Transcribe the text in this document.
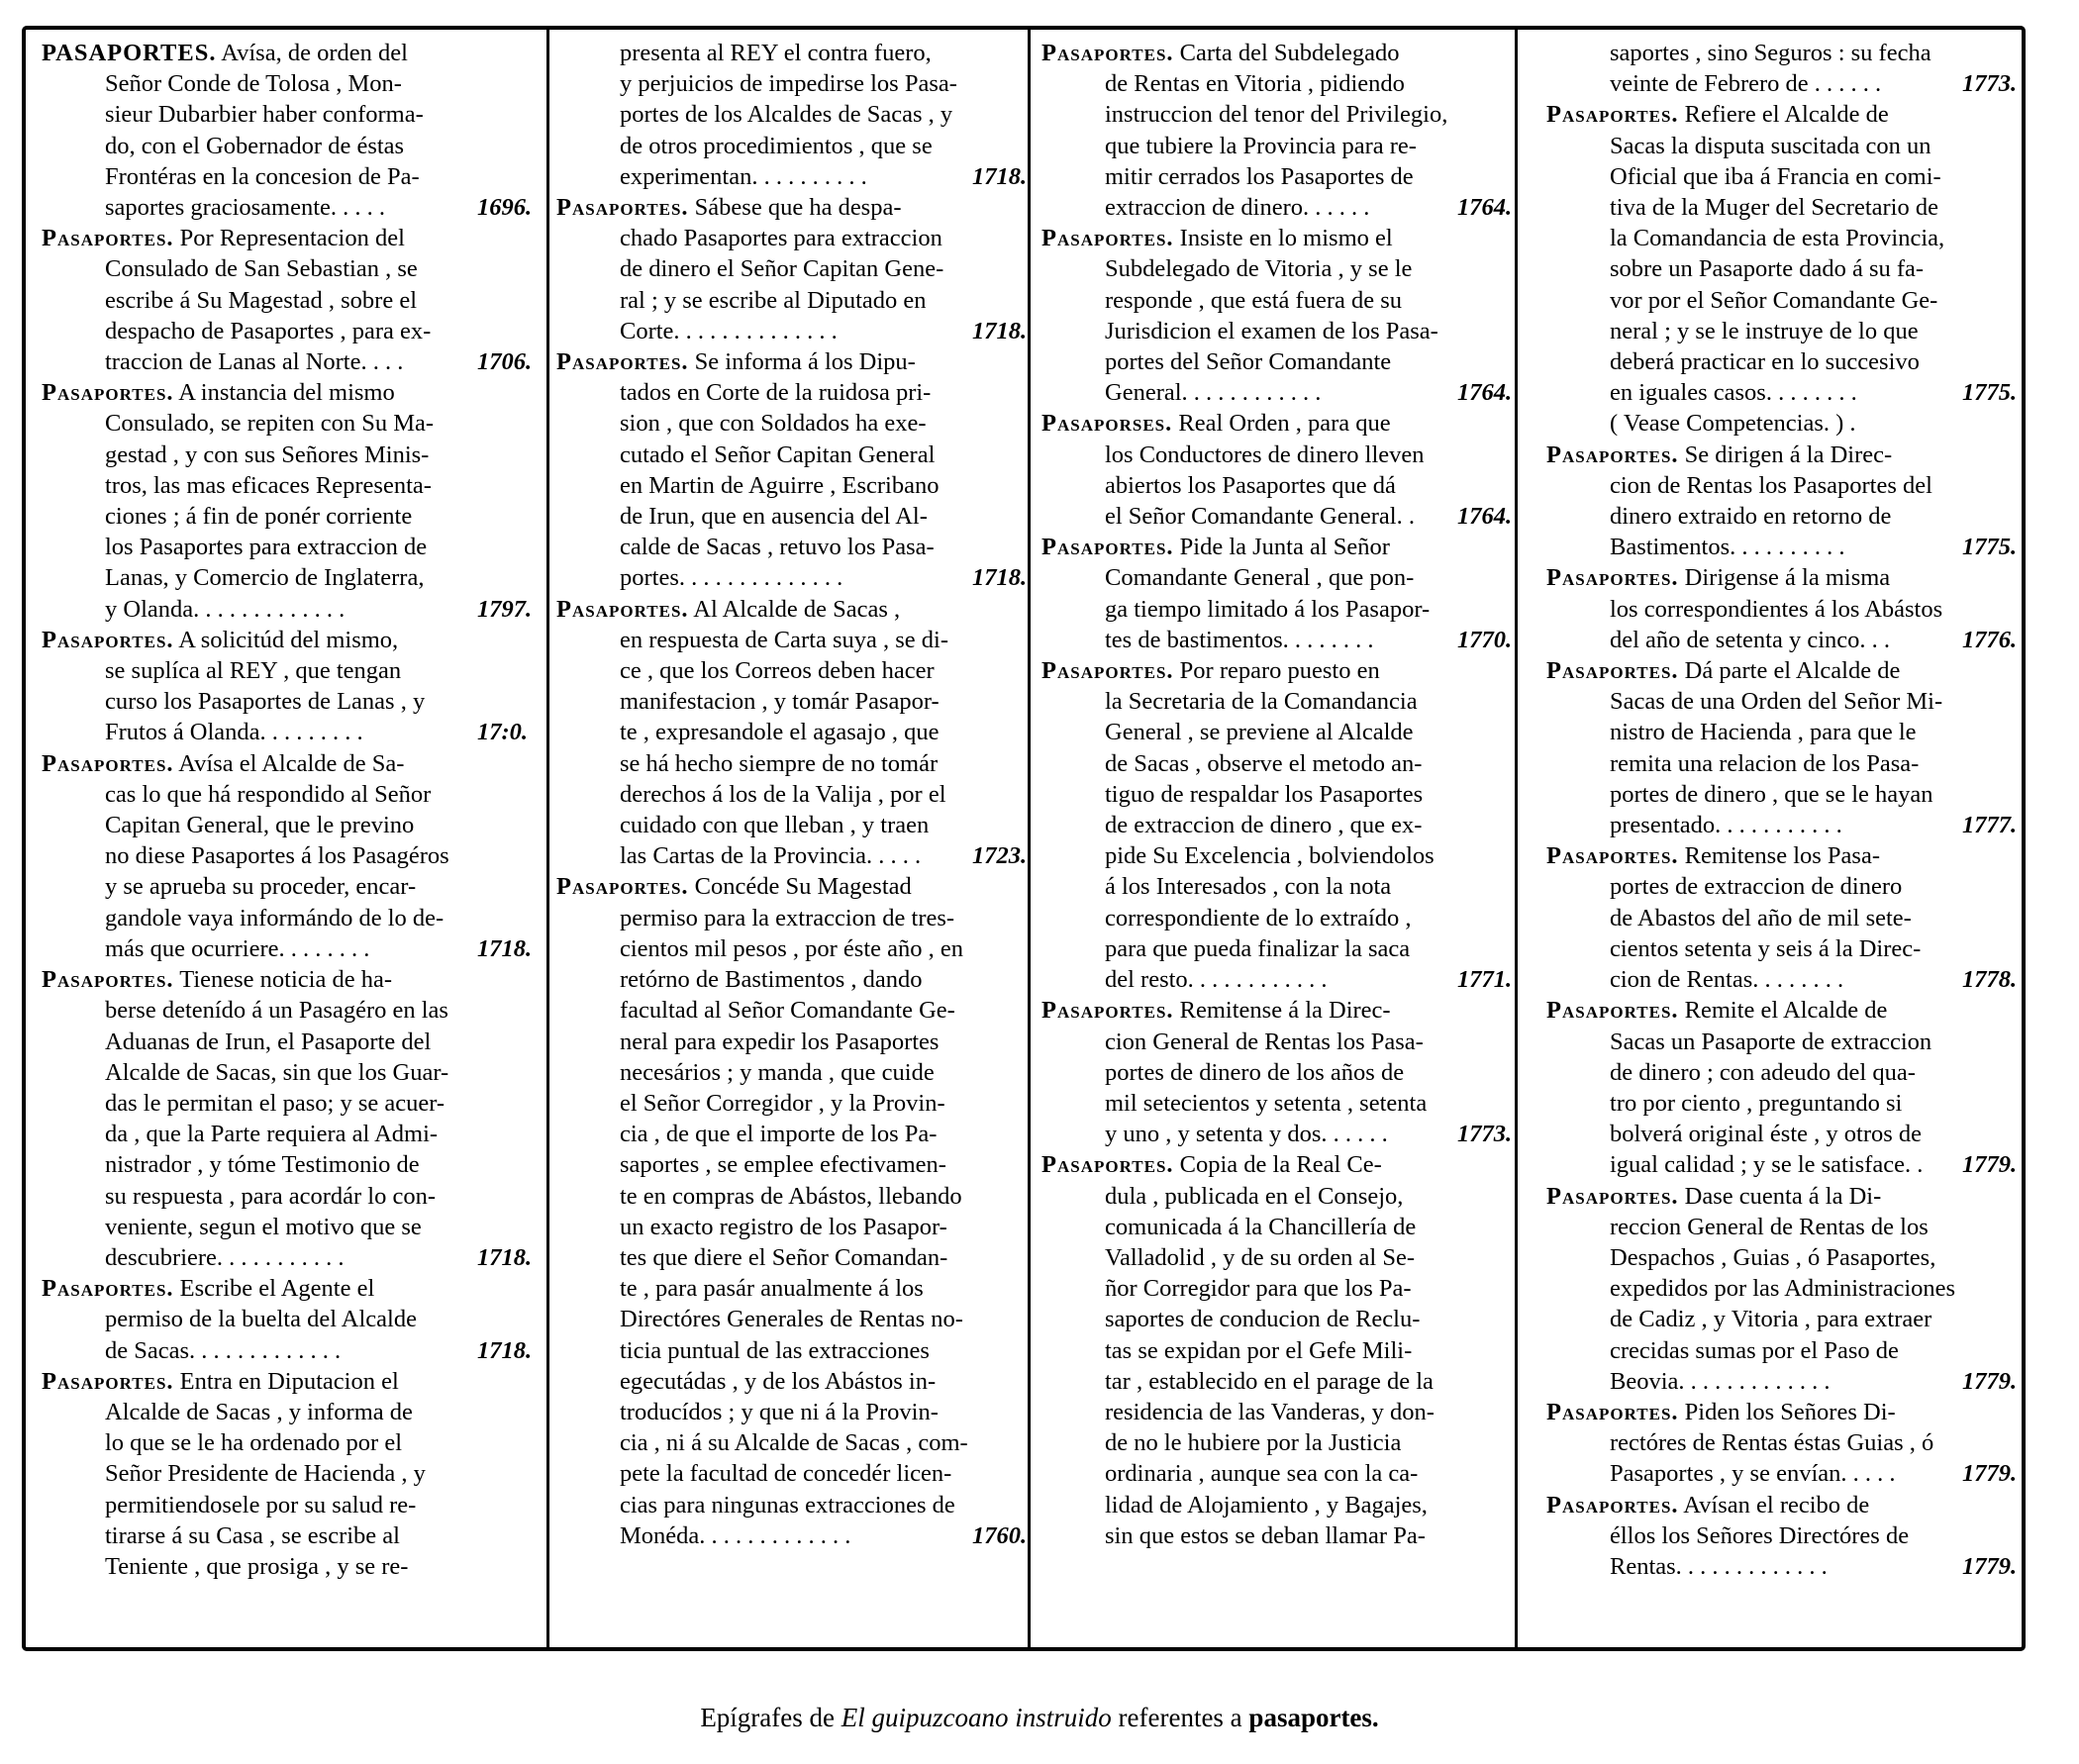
PASAPORTES. Avísa, de orden del
Señor Conde de Tolosa , Mon-
sieur Dubarbier haber conforma-
do, con el Gobernador de éstas
Frontéras en la concesion de Pa-
saportes graciosamente. . . . .	1696.
Pasaportes. Por Representacion del
Consulado de San Sebastian , se
escribe á Su Magestad , sobre el
despacho de Pasaportes , para ex-
traccion de Lanas al Norte. . . .	1706.
Pasaportes. A instancia del mismo
Consulado, se repiten con Su Ma-
gestad , y con sus Señores Minis-
tros, las mas eficaces Representa-
ciones ; á fin de ponér corriente
los Pasaportes para extraccion de
Lanas, y Comercio de Inglaterra,
y Olanda. . . . . . . . . . . . .	1797.
Pasaportes. A solicitúd del mismo,
se suplíca al REY , que tengan
curso los Pasaportes de Lanas , y
Frutos á Olanda. . . . . . . . .	17:0.
Pasaportes. Avísa el Alcalde de Sa-
cas lo que há respondido al Señor
Capitan General, que le previno
no diese Pasaportes á los Pasagéros
y se aprueba su proceder, encar-
gandole vaya informándo de lo de-
más que ocurriere. . . . . . . .	1718.
Pasaportes. Tienese noticia de ha-
berse detenído á un Pasagéro en las
Aduanas de Irun, el Pasaporte del
Alcalde de Sacas, sin que los Guar-
das le permitan el paso; y se acuer-
da , que la Parte requiera al Admi-
nistrador , y tóme Testimonio de
su respuesta , para acordár lo con-
veniente, segun el motivo que se
descubriere. . . . . . . . . . .	1718.
Pasaportes. Escribe el Agente el
permiso de la buelta del Alcalde
de Sacas. . . . . . . . . . . . .	1718.
Pasaportes. Entra en Diputacion el
Alcalde de Sacas , y informa de
lo que se le ha ordenado por el
Señor Presidente de Hacienda , y
permitiendosele por su salud re-
tirarse á su Casa , se escribe al
Teniente , que prosiga , y se re-
presenta al REY el contra fuero,
y perjuicios de impedirse los Pasa-
portes de los Alcaldes de Sacas , y
de otros procedimientos , que se
experimentan. . . . . . . . . .	1718.
Pasaportes. Sábese que ha despa-
chado Pasaportes para extraccion
de dinero el Señor Capitan Gene-
ral ; y se escribe al Diputado en
Corte. . . . . . . . . . . . . .	1718.
Pasaportes. Se informa á los Dipu-
tados en Corte de la ruidosa pri-
sion , que con Soldados ha exe-
cutado el Señor Capitan General
en Martin de Aguirre , Escribano
de Irun, que en ausencia del Al-
calde de Sacas , retuvo los Pasa-
portes. . . . . . . . . . . . . .	1718.
Pasaportes. Al Alcalde de Sacas ,
en respuesta de Carta suya , se di-
ce , que los Correos deben hacer
manifestacion , y tomár Pasapor-
te , expresandole el agasajo , que
se há hecho siempre de no tomár
derechos á los de la Valija , por el
cuidado con que lleban , y traen
las Cartas de la Provincia. . . . . 1723.
Pasaportes. Concéde Su Magestad
permiso para la extraccion de tres-
cientos mil pesos , por éste año , en
retórno de Bastimentos , dando
facultad al Señor Comandante Ge-
neral para expedir los Pasaportes
necesários ; y manda , que cuide
el Señor Corregidor , y la Provin-
cia , de que el importe de los Pa-
saportes , se emplee efectivamen-
te en compras de Abástos, llebando
un exacto registro de los Pasapor-
tes que diere el Señor Comandan-
te , para pasár anualmente á los
Directóres Generales de Rentas no-
ticia puntual de las extracciones
egecutádas , y de los Abástos in-
troducídos ; y que ni á la Provin-
cia , ni á su Alcalde de Sacas , com-
pete la facultad de concedér licen-
cias para ningunas extracciones de
Monéda. . . . . . . . . . . . .	1760.
Pasaportes. Carta del Subdelegado
de Rentas en Vitoria , pidiendo
instruccion del tenor del Privilegio,
que tubiere la Provincia para re-
mitir cerrados los Pasaportes de
extraccion de dinero. . . . . .	1764.
Pasaportes. Insiste en lo mismo el
Subdelegado de Vitoria , y se le
responde , que está fuera de su
Jurisdicion el examen de los Pasa-
portes del Señor Comandante
General. . . . . . . . . . . .	1764.
Pasaporses. Real Orden , para que
los Conductores de dinero lleven
abiertos los Pasaportes que dá
el Señor Comandante General. . 1764.
Pasaportes. Pide la Junta al Señor
Comandante General , que pon-
ga tiempo limitado á los Pasapor-
tes de bastimentos. . . . . . . .	1770.
Pasaportes. Por reparo puesto en
la Secretaria de la Comandancia
General , se previene al Alcalde
de Sacas , observe el metodo an-
tiguo de respaldar los Pasaportes
de extraccion de dinero , que ex-
pide Su Excelencia , bolviendolos
á los Interesados , con la nota
correspondiente de lo extraído ,
para que pueda finalizar la saca
del resto. . . . . . . . . . . .	1771.
Pasaportes. Remitense á la Direc-
cion General de Rentas los Pasa-
portes de dinero de los años de
mil setecientos y setenta , setenta
y uno , y setenta y dos. . . . . .	1773.
Pasaportes. Copia de la Real Ce-
dula , publicada en el Consejo,
comunicada á la Chancillería de
Valladolid , y de su orden al Se-
ñor Corregidor para que los Pa-
saportes de conducion de Reclu-
tas se expidan por el Gefe Mili-
tar , establecido en el parage de la
residencia de las Vanderas, y don-
de no le hubiere por la Justicia
ordinaria , aunque sea con la ca-
lidad de Alojamiento , y Bagajes,
sin que estos se deban llamar Pa-
saportes , sino Seguros : su fecha
veinte de Febrero de . . . . . .	1773.
Pasaportes. Refiere el Alcalde de
Sacas la disputa suscitada con un
Oficial que iba á Francia en comi-
tiva de la Muger del Secretario de
la Comandancia de esta Provincia,
sobre un Pasaporte dado á su fa-
vor por el Señor Comandante Ge-
neral ; y se le instruye de lo que
deberá practicar en lo succesivo
en iguales casos. . . . . . . .	1775.
( Vease Competencias. ) .
Pasaportes. Se dirigen á la Direc-
cion de Rentas los Pasaportes del
dinero extraido en retorno de
Bastimentos. . . . . . . . . .	1775.
Pasaportes. Dirigense á la misma
los correspondientes á los Abástos
del año de setenta y cinco. . .	1776.
Pasaportes. Dá parte el Alcalde de
Sacas de una Orden del Señor Mi-
nistro de Hacienda , para que le
remita una relacion de los Pasa-
portes de dinero , que se le hayan
presentado. . . . . . . . . . .	1777.
Pasaportes. Remitense los Pasa-
portes de extraccion de dinero
de Abastos del año de mil sete-
cientos setenta y seis á la Direc-
cion de Rentas. . . . . . . .	1778.
Pasaportes. Remite el Alcalde de
Sacas un Pasaporte de extraccion
de dinero ; con adeudo del qua-
tro por ciento , preguntando si
bolverá original éste , y otros de
igual calidad ; y se le satisface. . 1779.
Pasaportes. Dase cuenta á la Di-
reccion General de Rentas de los
Despachos , Guias , ó Pasaportes,
expedidos por las Administraciones
de Cadiz , y Vitoria , para extraer
crecidas sumas por el Paso de
Beovia. . . . . . . . . . . . .	1779.
Pasaportes. Piden los Señores Di-
rectóres de Rentas éstas Guias , ó
Pasaportes , y se envían. . . . .	1779.
Pasaportes. Avísan el recibo de
éllos los Señores Directóres de
Rentas. . . . . . . . . . . . .	1779.
Epígrafes de El guipuzcoano instruido referentes a pasaportes.
